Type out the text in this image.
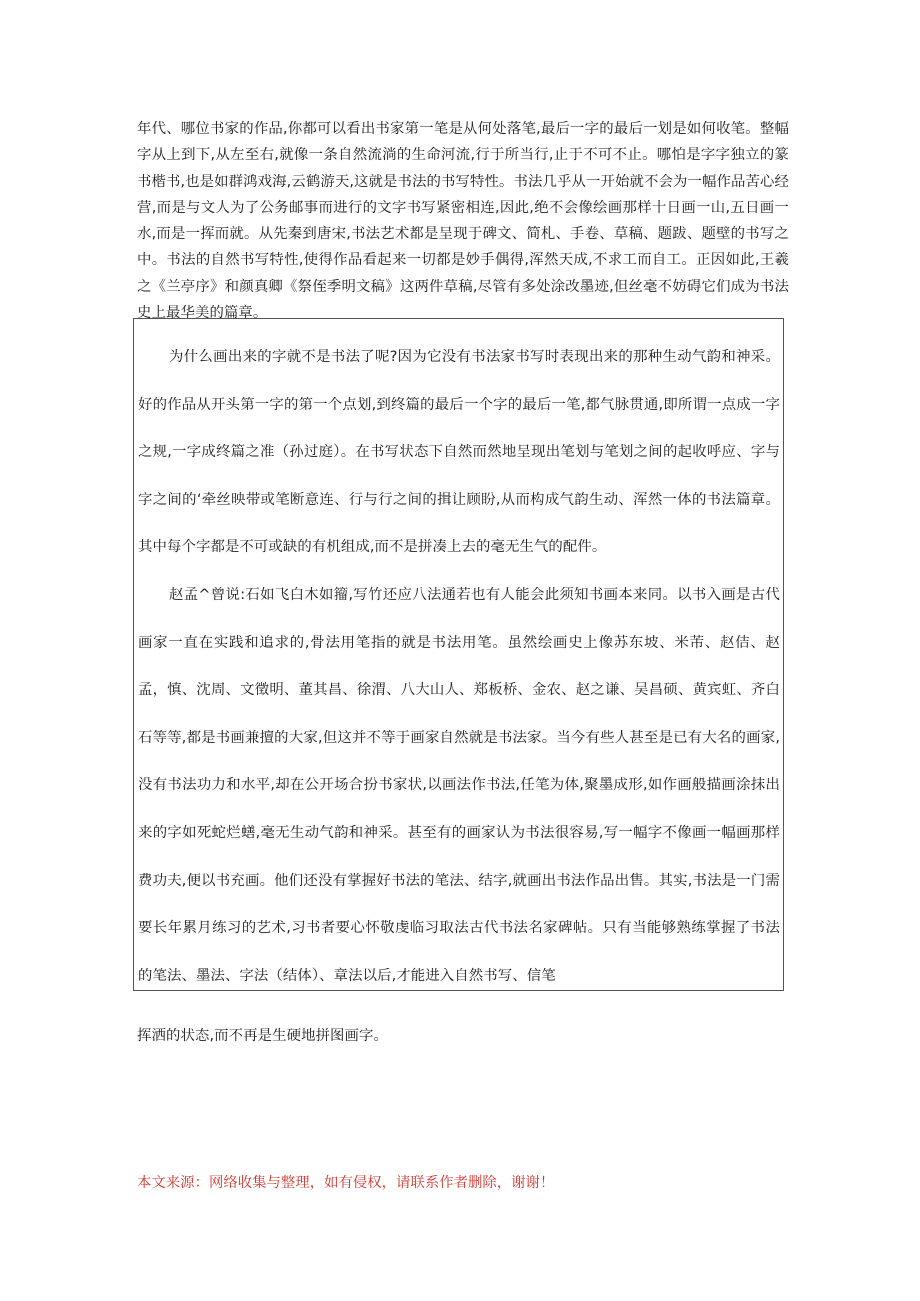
年代、哪位书家的作品,你都可以看出书家第一笔是从何处落笔,最后一字的最后一划是如何收笔。整幅字从上到下,从左至右,就像一条自然流淌的生命河流,行于所当行,止于不可不止。哪怕是字字独立的篆书楷书,也是如群鸿戏海,云鹤游天,这就是书法的书写特性。书法几乎从一开始就不会为一幅作品苦心经营,而是与文人为了公务邮事而进行的文字书写紧密相连,因此,绝不会像绘画那样十日画一山,五日画一水,而是一挥而就。从先秦到唐宋,书法艺术都是呈现于碑文、简札、手卷、草稿、题跋、题壁的书写之中。书法的自然书写特性,使得作品看起来一切都是妙手偶得,浑然天成,不求工而自工。正因如此,王羲之《兰亭序》和颜真卿《祭侄季明文稿》这两件草稿,尽管有多处涂改墨迹,但丝毫不妨碍它们成为书法史上最华美的篇章。

为什么画出来的字就不是书法了呢?因为它没有书法家书写时表现出来的那种生动气韵和神采。好的作品从开头第一字的第一个点划,到终篇的最后一个字的最后一笔,都气脉贯通,即所谓一点成一字之规,一字成终篇之准（孙过庭）。在书写状态下自然而然地呈现出笔划与笔划之间的起收呼应、字与字之间的‘牵丝映带或笔断意连、行与行之间的揖让顾盼,从而构成气韵生动、浑然一体的书法篇章。其中每个字都是不可或缺的有机组成,而不是拼凑上去的毫无生气的配件。

赵孟^曾说:石如飞白木如籀,写竹还应八法通若也有人能会此须知书画本来同。以书入画是古代画家一直在实践和追求的,骨法用笔指的就是书法用笔。虽然绘画史上像苏东坡、米芾、赵佶、赵孟，慎、沈周、文徵明、董其昌、徐渭、八大山人、郑板桥、金农、赵之谦、吴昌硕、黄宾虹、齐白石等等,都是书画兼擅的大家,但这并不等于画家自然就是书法家。当今有些人甚至是已有大名的画家,没有书法功力和水平,却在公开场合扮书家状,以画法作书法,任笔为体,聚墨成形,如作画般描画涂抹出来的字如死蛇烂蟮,毫无生动气韵和神采。甚至有的画家认为书法很容易,写一幅字不像画一幅画那样费功夫,便以书充画。他们还没有掌握好书法的笔法、结字,就画出书法作品出售。其实,书法是一门需要长年累月练习的艺术,习书者要心怀敬虔临习取法古代书法名家碑帖。只有当能够熟练掌握了书法的笔法、墨法、字法（结体）、章法以后,才能进入自然书写、信笔

挥洒的状态,而不再是生硬地拼图画字。

本文来源：网络收集与整理，如有侵权，请联系作者删除，谢谢！
